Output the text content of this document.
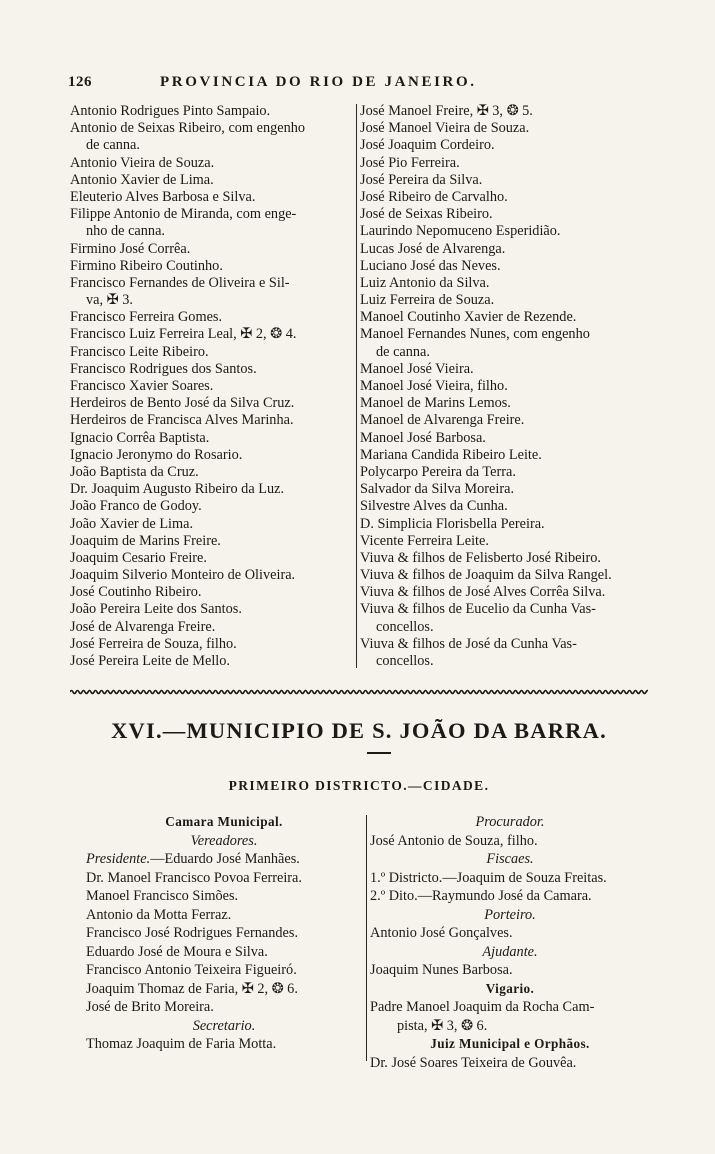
126	PROVINCIA DO RIO DE JANEIRO.
Antonio Rodrigues Pinto Sampaio.
Antonio de Seixas Ribeiro, com engenho
de canna.
Antonio Vieira de Souza.
Antonio Xavier de Lima.
Eleuterio Alves Barbosa e Silva.
Filippe Antonio de Miranda, com enge-
nho de canna.
Firmino José Corrêa.
Firmino Ribeiro Coutinho.
Francisco Fernandes de Oliveira e Sil-
va, ✠ 3.
Francisco Ferreira Gomes.
Francisco Luiz Ferreira Leal, ✠ 2, ❂ 4.
Francisco Leite Ribeiro.
Francisco Rodrigues dos Santos.
Francisco Xavier Soares.
Herdeiros de Bento José da Silva Cruz.
Herdeiros de Francisca Alves Marinha.
Ignacio Corrêa Baptista.
Ignacio Jeronymo do Rosario.
João Baptista da Cruz.
Dr. Joaquim Augusto Ribeiro da Luz.
João Franco de Godoy.
João Xavier de Lima.
Joaquim de Marins Freire.
Joaquim Cesario Freire.
Joaquim Silverio Monteiro de Oliveira.
José Coutinho Ribeiro.
João Pereira Leite dos Santos.
José de Alvarenga Freire.
José Ferreira de Souza, filho.
José Pereira Leite de Mello.
José Manoel Freire, ✠ 3, ❂ 5.
José Manoel Vieira de Souza.
José Joaquim Cordeiro.
José Pio Ferreira.
José Pereira da Silva.
José Ribeiro de Carvalho.
José de Seixas Ribeiro.
Laurindo Nepomuceno Esperidião.
Lucas José de Alvarenga.
Luciano José das Neves.
Luiz Antonio da Silva.
Luiz Ferreira de Souza.
Manoel Coutinho Xavier de Rezende.
Manoel Fernandes Nunes, com engenho
de canna.
Manoel José Vieira.
Manoel José Vieira, filho.
Manoel de Marins Lemos.
Manoel de Alvarenga Freire.
Manoel José Barbosa.
Mariana Candida Ribeiro Leite.
Polycarpo Pereira da Terra.
Salvador da Silva Moreira.
Silvestre Alves da Cunha.
D. Simplicia Florisbella Pereira.
Vicente Ferreira Leite.
Viuva & filhos de Felisberto José Ribeiro.
Viuva & filhos de Joaquim da Silva Rangel.
Viuva & filhos de José Alves Corrêa Silva.
Viuva & filhos de Eucelio da Cunha Vas-
concellos.
Viuva & filhos de José da Cunha Vas-
concellos.
XVI.—MUNICIPIO DE S. JOÃO DA BARRA.
PRIMEIRO DISTRICTO.—CIDADE.
Camara Municipal.
Vereadores.
Presidente.—Eduardo José Manhães.
Dr. Manoel Francisco Povoa Ferreira.
Manoel Francisco Simões.
Antonio da Motta Ferraz.
Francisco José Rodrigues Fernandes.
Eduardo José de Moura e Silva.
Francisco Antonio Teixeira Figueiró.
Joaquim Thomaz de Faria, ✠ 2, ❂ 6.
José de Brito Moreira.
Secretario.
Thomaz Joaquim de Faria Motta.
Procurador.
José Antonio de Souza, filho.
Fiscaes.
1.º Districto.—Joaquim de Souza Freitas.
2.º Dito.—Raymundo José da Camara.
Porteiro.
Antonio José Gonçalves.
Ajudante.
Joaquim Nunes Barbosa.
Vigario.
Padre Manoel Joaquim da Rocha Cam-
pista, ✠ 3, ❂ 6.
Juiz Municipal e Orphãos.
Dr. José Soares Teixeira de Gouvêa.
